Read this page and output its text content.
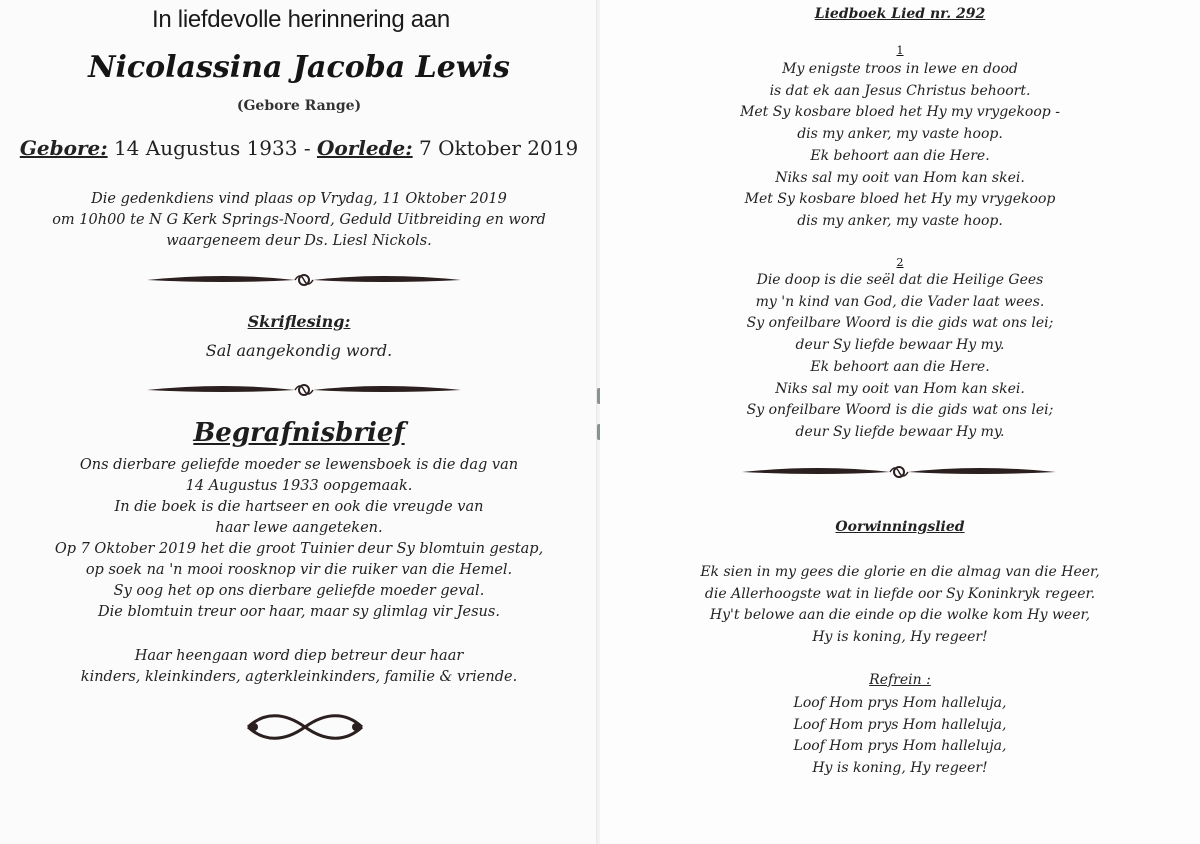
In liefdevolle herinnering aan
Nicolassina Jacoba Lewis
(Gebore Range)
Gebore: 14 Augustus 1933 - Oorlede: 7 Oktober 2019

Die gedenkdiens vind plaas op Vrydag, 11 Oktober 2019

om 10h00 te N G Kerk Springs-Noord, Geduld Uitbreiding en word

waargeneem deur Ds. Liesl Nickols.

Skriflesing:
Sal aangekondig word.
Begrafnisbrief

Ons dierbare geliefde moeder se lewensboek is die dag van

14 Augustus 1933 oopgemaak.

In die boek is die hartseer en ook die vreugde van

haar lewe aangeteken.

Op 7 Oktober 2019 het die groot Tuinier deur Sy blomtuin gestap,

op soek na 'n mooi roosknop vir die ruiker van die Hemel.

Sy oog het op ons dierbare geliefde moeder geval.

Die blomtuin treur oor haar, maar sy glimlag vir Jesus.

Haar heengaan word diep betreur deur haar

kinders, kleinkinders, agterkleinkinders, familie & vriende.

Liedboek Lied nr. 292
1

My enigste troos in lewe en dood

is dat ek aan Jesus Christus behoort.

Met Sy kosbare bloed het Hy my vrygekoop -

dis my anker, my vaste hoop.

Ek behoort aan die Here.

Niks sal my ooit van Hom kan skei.

Met Sy kosbare bloed het Hy my vrygekoop

dis my anker, my vaste hoop.

2

Die doop is die seël dat die Heilige Gees

my 'n kind van God, die Vader laat wees.

Sy onfeilbare Woord is die gids wat ons lei;

deur Sy liefde bewaar Hy my.

Ek behoort aan die Here.

Niks sal my ooit van Hom kan skei.

Sy onfeilbare Woord is die gids wat ons lei;

deur Sy liefde bewaar Hy my.

Oorwinningslied

Ek sien in my gees die glorie en die almag van die Heer,

die Allerhoogste wat in liefde oor Sy Koninkryk regeer.

Hy't belowe aan die einde op die wolke kom Hy weer,

Hy is koning, Hy regeer!

Refrein :

Loof Hom prys Hom halleluja,

Loof Hom prys Hom halleluja,

Loof Hom prys Hom halleluja,

Hy is koning, Hy regeer!
